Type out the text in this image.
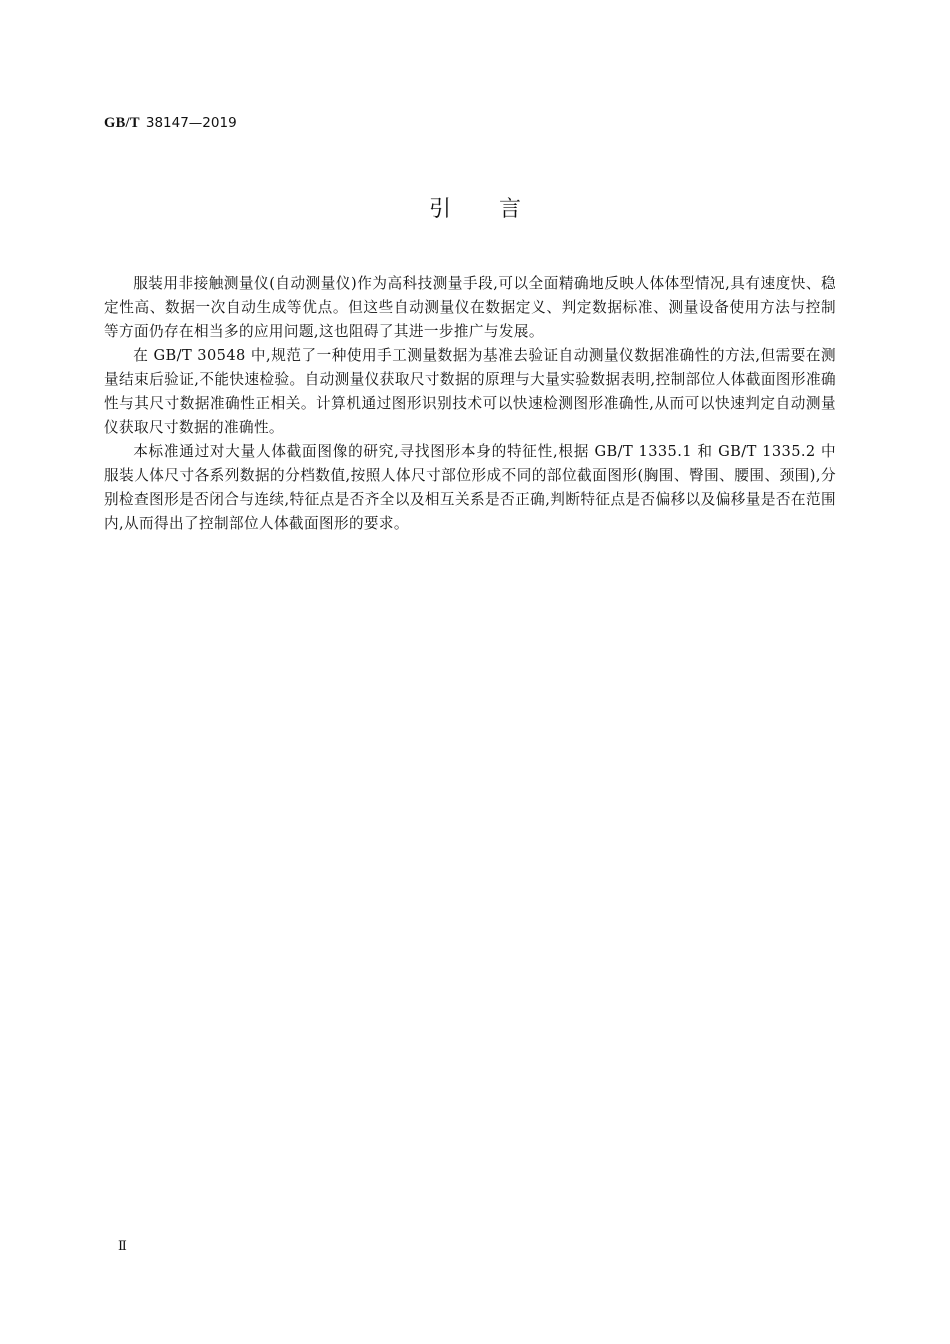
GB/T 38147—2019
引 言

服装用非接触测量仪(自动测量仪)作为高科技测量手段,可以全面精确地反映人体体型情况,具有速度快、稳定性高、数据一次自动生成等优点。但这些自动测量仪在数据定义、判定数据标准、测量设备使用方法与控制等方面仍存在相当多的应用问题,这也阻碍了其进一步推广与发展。

在 GB/T 30548 中,规范了一种使用手工测量数据为基准去验证自动测量仪数据准确性的方法,但需要在测量结束后验证,不能快速检验。自动测量仪获取尺寸数据的原理与大量实验数据表明,控制部位人体截面图形准确性与其尺寸数据准确性正相关。计算机通过图形识别技术可以快速检测图形准确性,从而可以快速判定自动测量仪获取尺寸数据的准确性。

本标准通过对大量人体截面图像的研究,寻找图形本身的特征性,根据 GB/T 1335.1 和 GB/T 1335.2 中服装人体尺寸各系列数据的分档数值,按照人体尺寸部位形成不同的部位截面图形(胸围、臀围、腰围、颈围),分别检查图形是否闭合与连续,特征点是否齐全以及相互关系是否正确,判断特征点是否偏移以及偏移量是否在范围内,从而得出了控制部位人体截面图形的要求。

Ⅱ
